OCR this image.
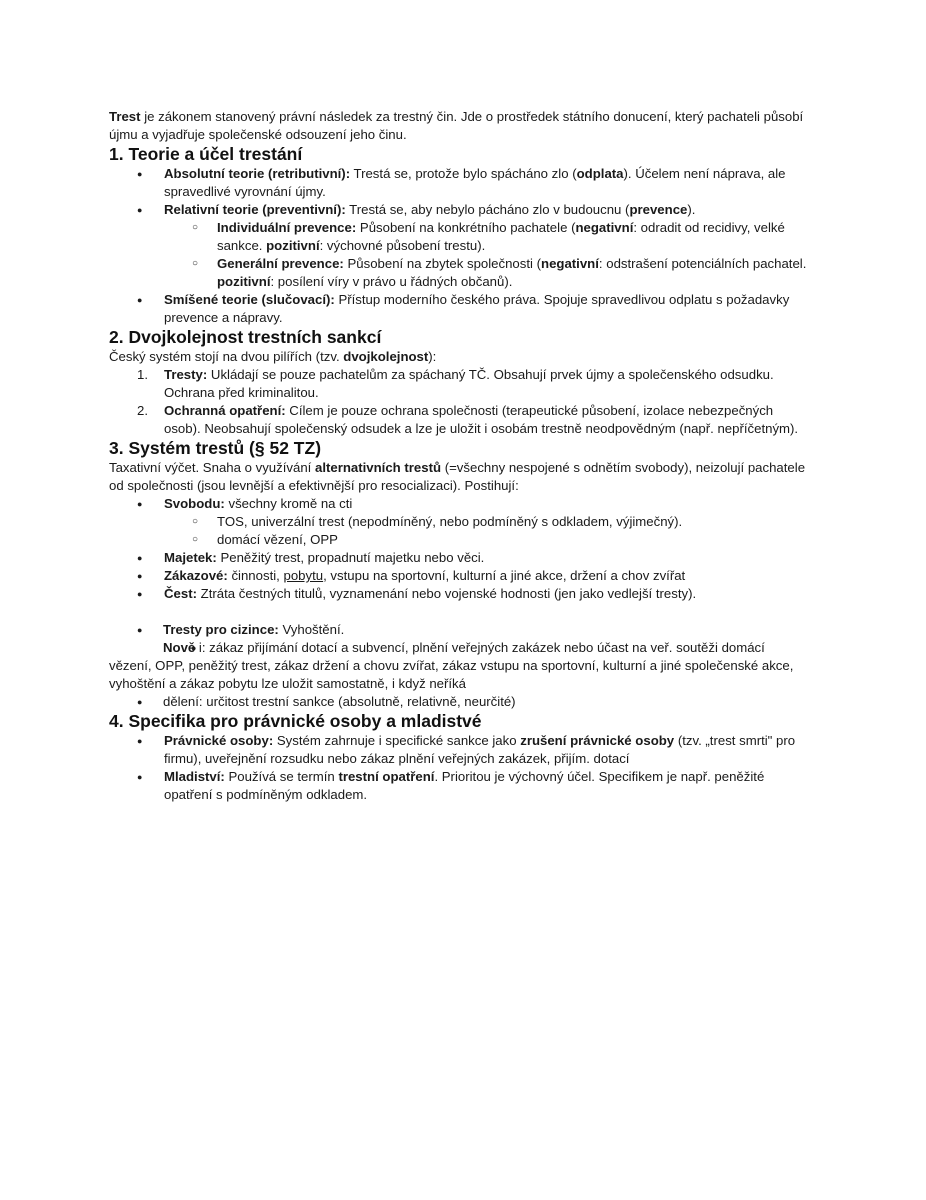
Trest je zákonem stanovený právní následek za trestný čin. Jde o prostředek státního donucení, který pachateli působí újmu a vyjadřuje společenské odsouzení jeho činu.

1. Teorie a účel trestání
● Absolutní teorie (retributivní): Trestá se, protože bylo spácháno zlo (odplata). Účelem není náprava, ale spravedlivé vyrovnání újmy.
● Relativní teorie (preventivní): Trestá se, aby nebylo pácháno zlo v budoucnu (prevence).
○ Individuální prevence: Působení na konkrétního pachatele (negativní: odradit od recidivy, velké sankce. pozitivní: výchovné působení trestu).
○ Generální prevence: Působení na zbytek společnosti (negativní: odstrašení potenciálních pachatel. pozitivní: posílení víry v právo u řádných občanů).
● Smíšené teorie (slučovací): Přístup moderního českého práva. Spojuje spravedlivou odplatu s požadavky prevence a nápravy.
2. Dvojkolejnost trestních sankcí

Český systém stojí na dvou pilířích (tzv. dvojkolejnost):

1. Tresty: Ukládají se pouze pachatelům za spáchaný TČ. Obsahují prvek újmy a společenského odsudku. Ochrana před kriminalitou.
2. Ochranná opatření: Cílem je pouze ochrana společnosti (terapeutické působení, izolace nebezpečných osob). Neobsahují společenský odsudek a lze je uložit i osobám trestně neodpovědným (např. nepříčetným).
3. Systém trestů (§ 52 TZ)

Taxativní výčet. Snaha o využívání alternativních trestů (=všechny nespojené s odnětím svobody), neizolují pachatele od společnosti (jsou levnější a efektivnější pro resocializaci). Postihují:

● Svobodu: všechny kromě na cti
○ TOS, univerzální trest (nepodmíněný, nebo podmíněný s odkladem, výjimečný).
○ domácí vězení, OPP
● Majetek: Peněžitý trest, propadnutí majetku nebo věci.
● Zákazové: činnosti, pobytu, vstupu na sportovní, kulturní a jiné akce, držení a chov zvířat
● Čest: Ztráta čestných titulů, vyznamenání nebo vojenské hodnosti (jen jako vedlejší tresty).
● Tresty pro cizince: Vyhoštění.
● Nově i: zákaz přijímání dotací a subvencí, plnění veřejných zakázek nebo účast na veř. soutěži domácí vězení, OPP, peněžitý trest, zákaz držení a chovu zvířat, zákaz vstupu na sportovní, kulturní a jiné společenské akce, vyhoštění a zákaz pobytu lze uložit samostatně, i když neříká
● dělení: určitost trestní sankce (absolutně, relativně, neurčité)
4. Specifika pro právnické osoby a mladistvé
● Právnické osoby: Systém zahrnuje i specifické sankce jako zrušení právnické osoby (tzv. „trest smrti" pro firmu), uveřejnění rozsudku nebo zákaz plnění veřejných zakázek, přijím. dotací
● Mladiství: Používá se termín trestní opatření. Prioritou je výchovný účel. Specifikem je např. peněžité opatření s podmíněným odkladem.
